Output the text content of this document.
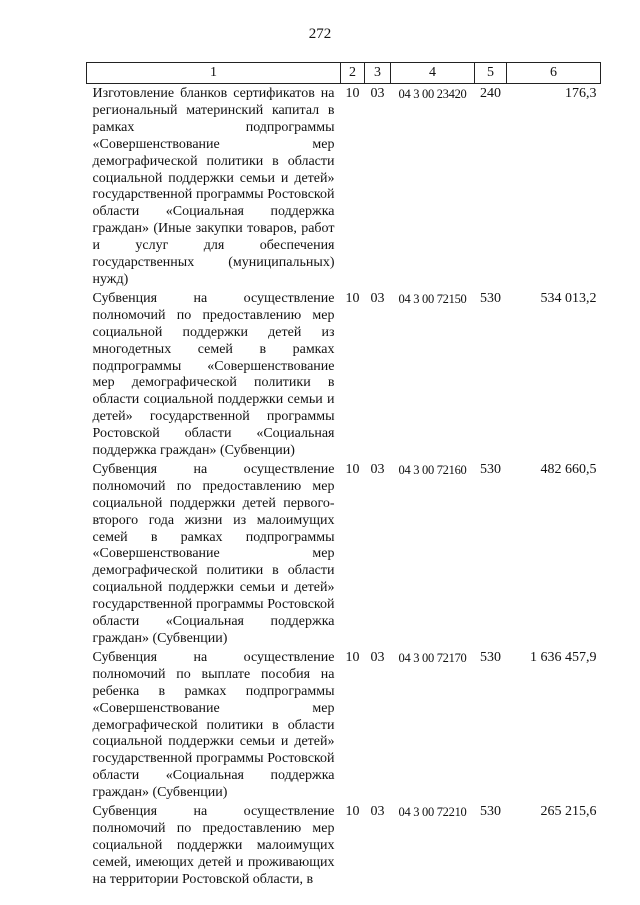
272
1	2	3	4	5	6
Изготовление бланков сертификатов на региональный материнский капитал в рамках подпрограммы «Совершенствование мер демографической политики в области социальной поддержки семьи и детей» государственной программы Ростовской области «Социальная поддержка граждан» (Иные закупки товаров, работ и услуг для обеспечения государственных (муниципальных) нужд)	10	03	04 3 00 23420	240	176,3
Субвенция на осуществление полномочий по предоставлению мер социальной поддержки детей из многодетных семей в рамках подпрограммы «Совершенствование мер демографической политики в области социальной поддержки семьи и детей» государственной программы Ростовской области «Социальная поддержка граждан» (Субвенции)	10	03	04 3 00 72150	530	534 013,2
Субвенция на осуществление полномочий по предоставлению мер социальной поддержки детей первого-второго года жизни из малоимущих семей в рамках подпрограммы «Совершенствование мер демографической политики в области социальной поддержки семьи и детей» государственной программы Ростовской области «Социальная поддержка граждан» (Субвенции)	10	03	04 3 00 72160	530	482 660,5
Субвенция на осуществление полномочий по выплате пособия на ребенка в рамках подпрограммы «Совершенствование мер демографической политики в области социальной поддержки семьи и детей» государственной программы Ростовской области «Социальная поддержка граждан» (Субвенции)	10	03	04 3 00 72170	530	1 636 457,9
Субвенция на осуществление полномочий по предоставлению мер социальной поддержки малоимущих семей, имеющих детей и проживающих на территории Ростовской области, в	10	03	04 3 00 72210	530	265 215,6
